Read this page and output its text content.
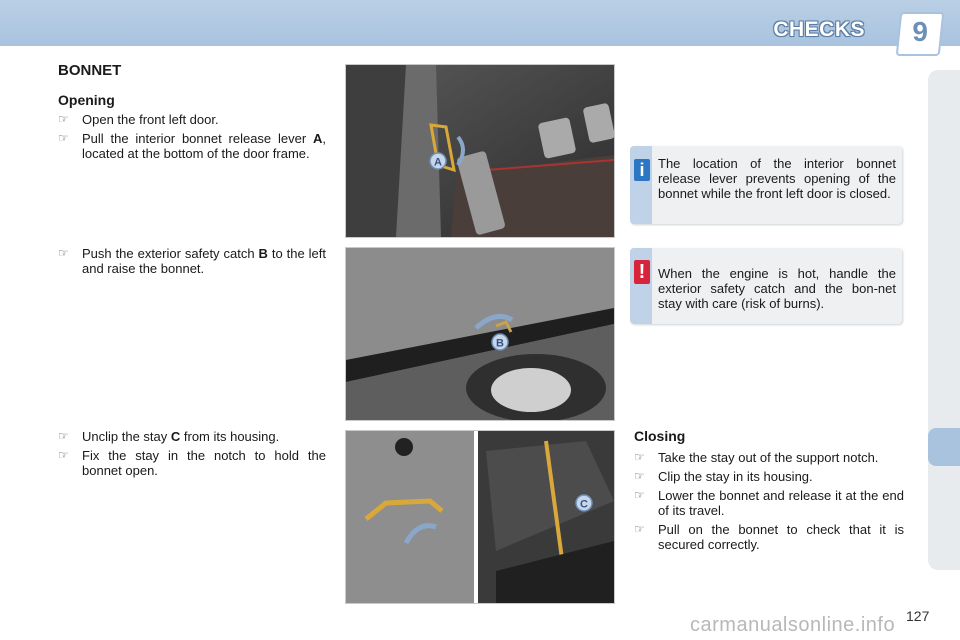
CHECKS	9
BONNET
Opening
☞ Open the front left door.
☞ Pull the interior bonnet release lever A, located at the bottom of the door frame.
☞ Push the exterior safety catch B to the left and raise the bonnet.
☞ Unclip the stay C from its housing.
☞ Fix the stay in the notch to hold the bonnet open.
A
B
C
i	The location of the interior bonnet release lever prevents opening of the bonnet while the front left door is closed.
! When the engine is hot, handle the exterior safety catch and the bon-net stay with care (risk of burns).
Closing
☞ Take the stay out of the support notch.
☞ Clip the stay in its housing.
☞ Lower the bonnet and release it at the end of its travel.
☞ Pull on the bonnet to check that it is secured correctly.
carmanualsonline.info 127
